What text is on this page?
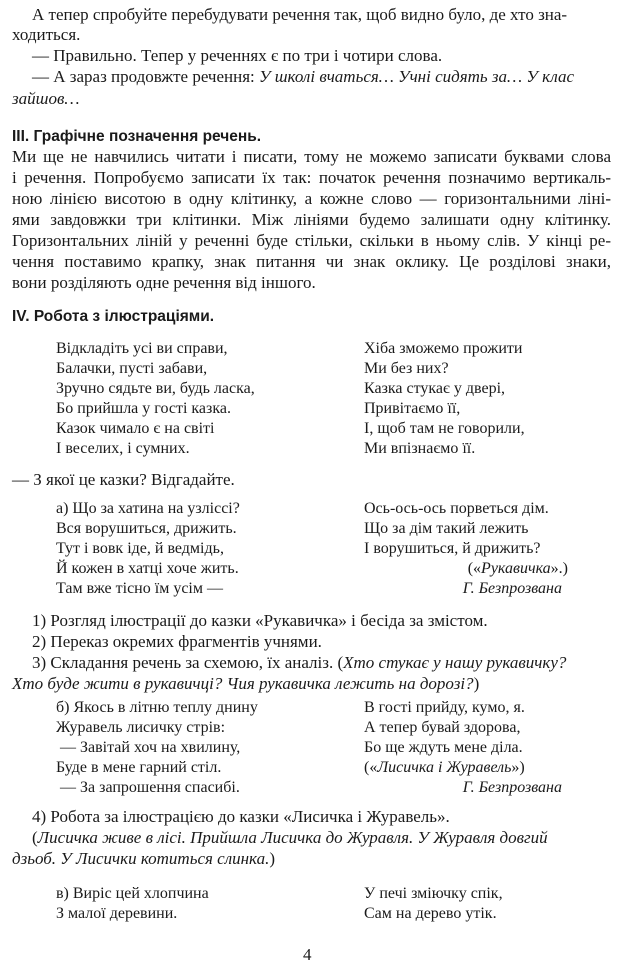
А тепер спробуйте перебудувати речення так, щоб видно було, де хто зна-
ходиться.
— Правильно. Тепер у реченнях є по три і чотири слова.
— А зараз продовжте речення: У школі вчаться… Учні сидять за… У клас
зайшов…
ІІІ. Графічне позначення речень.
Ми ще не навчились читати і писати, тому не можемо записати буквами слова
і речення. Попробуємо записати їх так: початок речення позначимо вертикаль-
ною лінією висотою в одну клітинку, а кожне слово — горизонтальними ліні-
ями завдовжки три клітинки. Між лініями будемо залишати одну клітинку.
Горизонтальних ліній у реченні буде стільки, скільки в ньому слів. У кінці ре-
чення поставимо крапку, знак питання чи знак оклику. Це розділові знаки,
вони розділяють одне речення від іншого.
IV. Робота з ілюстраціями.
Відкладіть усі ви справи,
Балачки, пусті забави,
Зручно сядьте ви, будь ласка,
Бо прийшла у гості казка.
Казок чимало є на світі
І веселих, і сумних.
Хіба зможемо прожити
Ми без них?
Казка стукає у двері,
Привітаємо її,
І, щоб там не говорили,
Ми впізнаємо її.
— З якої це казки? Відгадайте.
а) Що за хатина на узліссі?
Вся ворушиться, дрижить.
Тут і вовк іде, й ведмідь,
Й кожен в хатці хоче жить.
Там вже тісно їм усім —
Ось-ось-ось порветься дім.
Що за дім такий лежить
І ворушиться, й дрижить?
(«Рукавичка».)
Г. Безпрозвана
1) Розгляд ілюстрації до казки «Рукавичка» і бесіда за змістом.
2) Переказ окремих фрагментів учнями.
3) Складання речень за схемою, їх аналіз. (Хто стукає у нашу рукавичку?
Хто буде жити в рукавичці? Чия рукавичка лежить на дорозі?)
б) Якось в літню теплу днину
Журавель лисичку стрів:
— Завітай хоч на хвилину,
Буде в мене гарний стіл.
— За запрошення спасибі.
В гості прийду, кумо, я.
А тепер бувай здорова,
Бо ще ждуть мене діла.
(«Лисичка і Журавель»)
Г. Безпрозвана
4) Робота за ілюстрацією до казки «Лисичка і Журавель».
(Лисичка живе в лісі. Прийшла Лисичка до Журавля. У Журавля довгий
дзьоб. У Лисички котиться слинка.)
в) Виріс цей хлопчина
З малої деревини.
У печі зміючку спік,
Сам на дерево утік.
4
